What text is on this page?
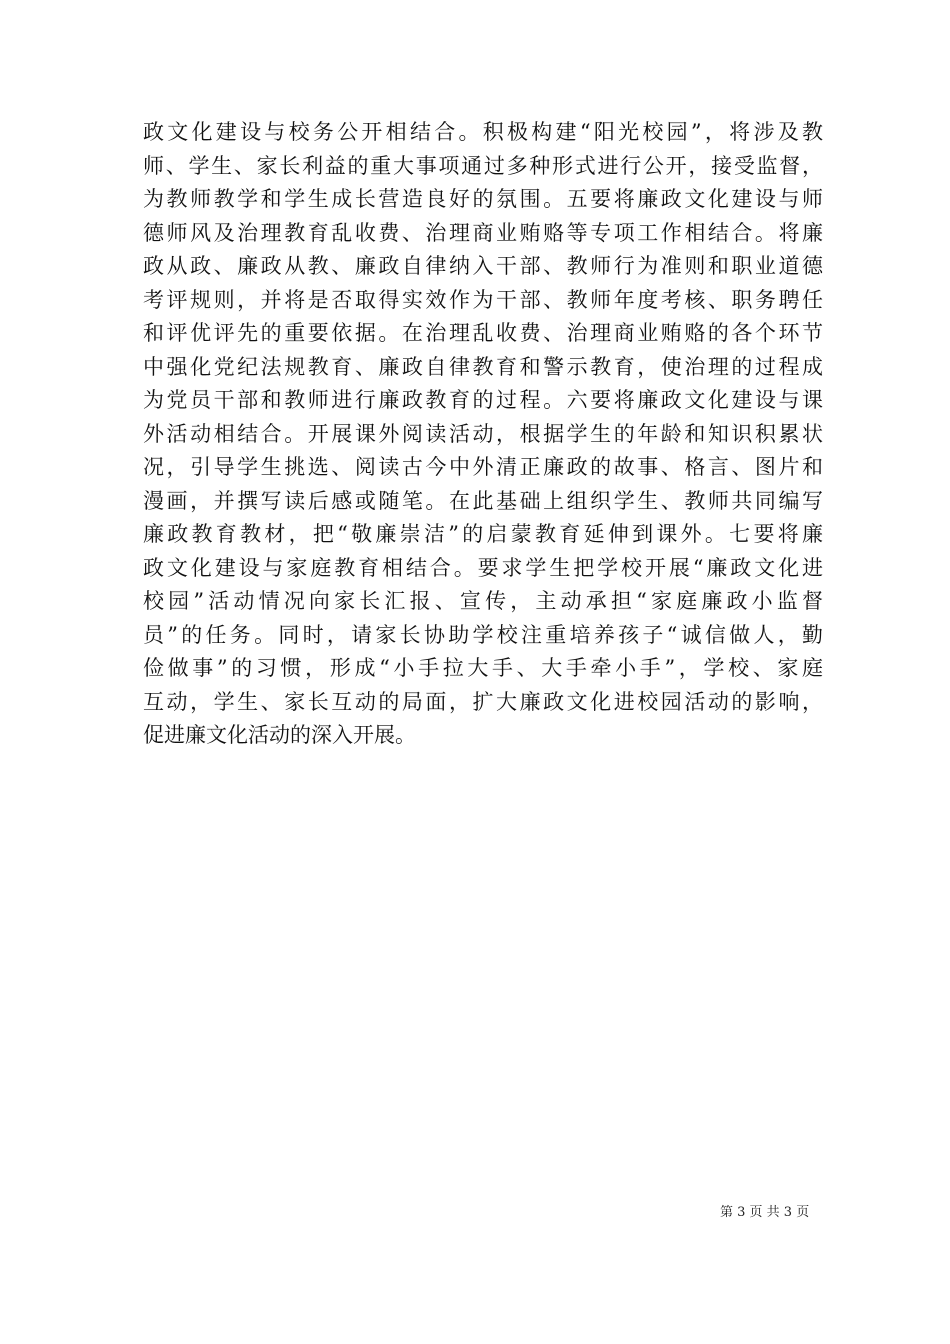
政文化建设与校务公开相结合。积极构建“阳光校园”，将涉及教
师、学生、家长利益的重大事项通过多种形式进行公开，接受监督，
为教师教学和学生成长营造良好的氛围。五要将廉政文化建设与师
德师风及治理教育乱收费、治理商业贿赂等专项工作相结合。将廉
政从政、廉政从教、廉政自律纳入干部、教师行为准则和职业道德
考评规则，并将是否取得实效作为干部、教师年度考核、职务聘任
和评优评先的重要依据。在治理乱收费、治理商业贿赂的各个环节
中强化党纪法规教育、廉政自律教育和警示教育，使治理的过程成
为党员干部和教师进行廉政教育的过程。六要将廉政文化建设与课
外活动相结合。开展课外阅读活动，根据学生的年龄和知识积累状
况，引导学生挑选、阅读古今中外清正廉政的故事、格言、图片和
漫画，并撰写读后感或随笔。在此基础上组织学生、教师共同编写
廉政教育教材，把“敬廉崇洁”的启蒙教育延伸到课外。七要将廉
政文化建设与家庭教育相结合。要求学生把学校开展“廉政文化进
校园”活动情况向家长汇报、宣传，主动承担“家庭廉政小监督
员”的任务。同时，请家长协助学校注重培养孩子“诚信做人，勤
俭做事”的习惯，形成“小手拉大手、大手牵小手”，学校、家庭
互动，学生、家长互动的局面，扩大廉政文化进校园活动的影响，
促进廉文化活动的深入开展。
第 3 页 共 3 页
